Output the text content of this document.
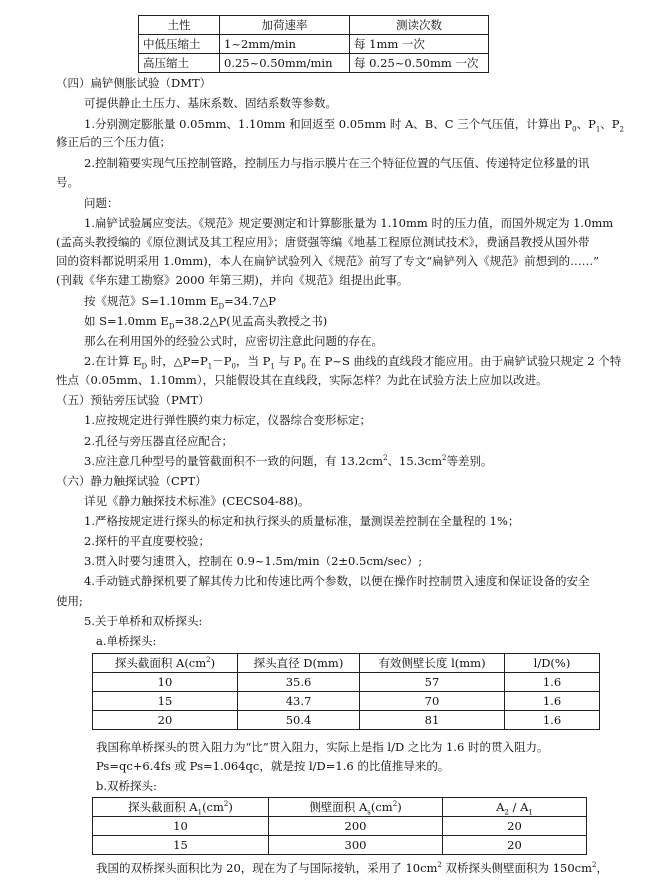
土性	加荷速率	测读次数
中低压缩土	1~2mm/min	每 1mm 一次
高压缩土	0.25~0.50mm/min	每 0.25~0.50mm 一次
（四）扁铲侧胀试验（DMT）
可提供静止土压力、基床系数、固结系数等参数。
1.分别测定膨胀量 0.05mm、1.10mm 和回返至 0.05mm 时 A、B、C 三个气压值，计算出 $P_0$、$P_1$、$P_2$
修正后的三个压力值；
2.控制箱要实现气压控制管路，控制压力与指示膜片在三个特征位置的气压值、传递特定位移量的讯
号。
问题：
1.扁铲试验属应变法。《规范》规定要测定和计算膨胀量为 1.10mm 时的压力值，而国外规定为 1.0mm
(孟高头教授编的《原位测试及其工程应用》；唐贤强等编《地基工程原位测试技术》，费涵昌教授从国外带
回的资料都说明采用 1.0mm)，本人在扁铲试验列入《规范》前写了专文“扁铲列入《规范》前想到的……”
(刊载《华东建工勘察》2000 年第三期)，并向《规范》组提出此事。
按《规范》S=1.10mm $E_D=34.7\triangle P$
如 S=1.0mm $E_D=38.2\triangle P$(见孟高头教授之书)
那么在利用国外的经验公式时，应密切注意此问题的存在。
2.在计算 $E_D$ 时，$\triangle P=P_1-P_0$，当 $P_1$ 与 $P_0$ 在 P~S 曲线的直线段才能应用。由于扁铲试验只规定 2 个特
性点（0.05mm、1.10mm），只能假设其在直线段，实际怎样？为此在试验方法上应加以改进。
（五）预钻旁压试验（PMT）
1.应按规定进行弹性膜约束力标定，仪器综合变形标定；
2.孔径与旁压器直径应配合；
3.应注意几种型号的量管截面积不一致的问题，有 $13.2cm^2$、$15.3cm^2$等差别。
（六）静力触探试验（CPT）
详见《静力触探技术标准》(CECS04-88)。
1.严格按规定进行探头的标定和执行探头的质量标准，量测误差控制在全量程的 1%；
2.探杆的平直度要校验；
3.贯入时要匀速贯入，控制在 0.9~1.5m/min（2±0.5cm/sec）;
4.手动链式静探机要了解其传力比和传速比两个参数，以便在操作时控制贯入速度和保证设备的安全
使用;
5.关于单桥和双桥探头:
a.单桥探头:
探头截面积 $A(cm^2)$	探头直径 D(mm)	有效侧壁长度 l(mm)	l/D(%)
10	35.6	57	1.6
15	43.7	70	1.6
20	50.4	81	1.6
我国称单桥探头的贯入阻力为“比”贯入阻力，实际上是指 l/D 之比为 1.6 时的贯入阻力。
Ps=qc+6.4fs 或 Ps=1.064qc，就是按 l/D=1.6 的比值推导来的。
b.双桥探头:
探头截面积 $A_1(cm^2)$	侧壁面积 $A_s(cm^2)$	$A_2 / A_1$
10	200	20
15	300	20
我国的双桥探头面积比为 20，现在为了与国际接轨，采用了 $10cm^2$ 双桥探头侧壁面积为 $150cm^2$，
